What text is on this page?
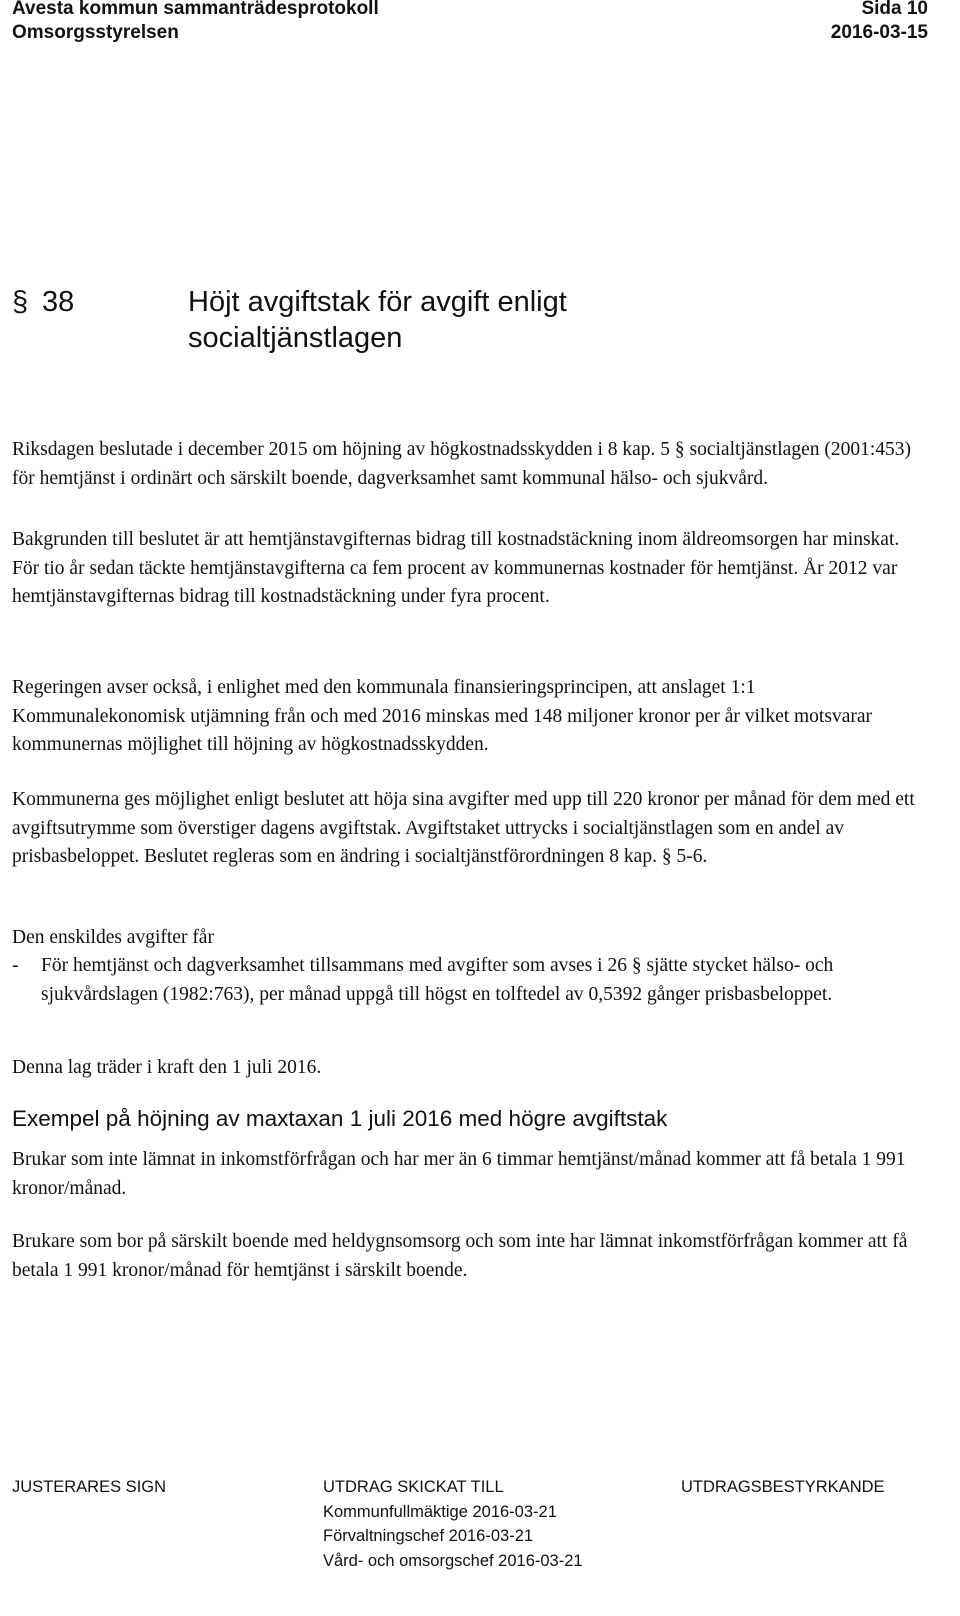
Avesta kommun sammanträdesprotokoll	Sida 10
Omsorgsstyrelsen	2016-03-15
§ 38	Höjt avgiftstak för avgift enligt socialtjänstlagen

Riksdagen beslutade i december 2015 om höjning av högkostnadsskydden i 8 kap. 5 § socialtjänstlagen (2001:453) för hemtjänst i ordinärt och särskilt boende, dagverksamhet samt kommunal hälso- och sjukvård.

Bakgrunden till beslutet är att hemtjänstavgifternas bidrag till kostnadstäckning inom äldreomsorgen har minskat. För tio år sedan täckte hemtjänstavgifterna ca fem procent av kommunernas kostnader för hemtjänst. År 2012 var hemtjänstavgifternas bidrag till kostnadstäckning under fyra procent.

Regeringen avser också, i enlighet med den kommunala finansieringsprincipen, att anslaget 1:1 Kommunalekonomisk utjämning från och med 2016 minskas med 148 miljoner kronor per år vilket motsvarar kommunernas möjlighet till höjning av högkostnadsskydden.

Kommunerna ges möjlighet enligt beslutet att höja sina avgifter med upp till 220 kronor per månad för dem med ett avgiftsutrymme som överstiger dagens avgiftstak. Avgiftstaket uttrycks i socialtjänstlagen som en andel av prisbasbeloppet. Beslutet regleras som en ändring i socialtjänstförordningen 8 kap. § 5-6.

Den enskildes avgifter får

- För hemtjänst och dagverksamhet tillsammans med avgifter som avses i 26 § sjätte stycket hälso- och sjukvårdslagen (1982:763), per månad uppgå till högst en tolftedel av 0,5392 gånger prisbasbeloppet.

Denna lag träder i kraft den 1 juli 2016.

Exempel på höjning av maxtaxan 1 juli 2016 med högre avgiftstak

Brukar som inte lämnat in inkomstförfrågan och har mer än 6 timmar hemtjänst/månad kommer att få betala 1 991 kronor/månad.

Brukare som bor på särskilt boende med heldygnsomsorg och som inte har lämnat inkomstförfrågan kommer att få betala 1 991 kronor/månad för hemtjänst i särskilt boende.

JUSTERARES SIGN	UTDRAG SKICKAT TILL
Kommunfullmäktige 2016-03-21
Förvaltningschef 2016-03-21
Vård- och omsorgschef 2016-03-21
UTDRAGSBESTYRKANDE
